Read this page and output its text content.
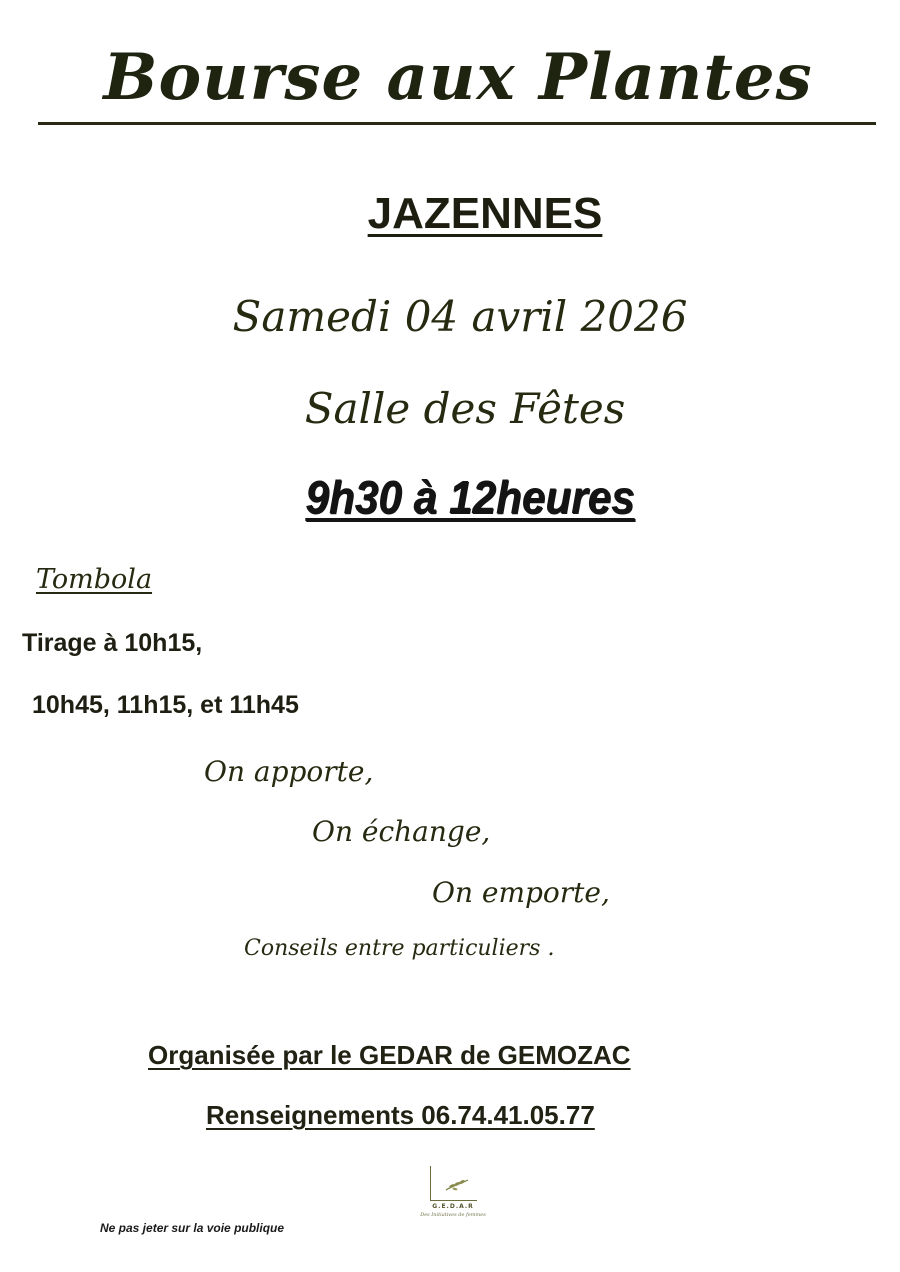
Bourse aux Plantes
JAZENNES
Samedi 04 avril 2026
Salle des Fêtes
9h30 à 12heures
Tombola
Tirage à 10h15,
10h45, 11h15, et 11h45
On apporte,
On échange,
On emporte,
Conseils entre particuliers .
Organisée par le GEDAR de GEMOZAC
Renseignements 06.74.41.05.77
G.E.D.A.R
Des Initiatives de femmes
Ne pas jeter sur la voie publique
